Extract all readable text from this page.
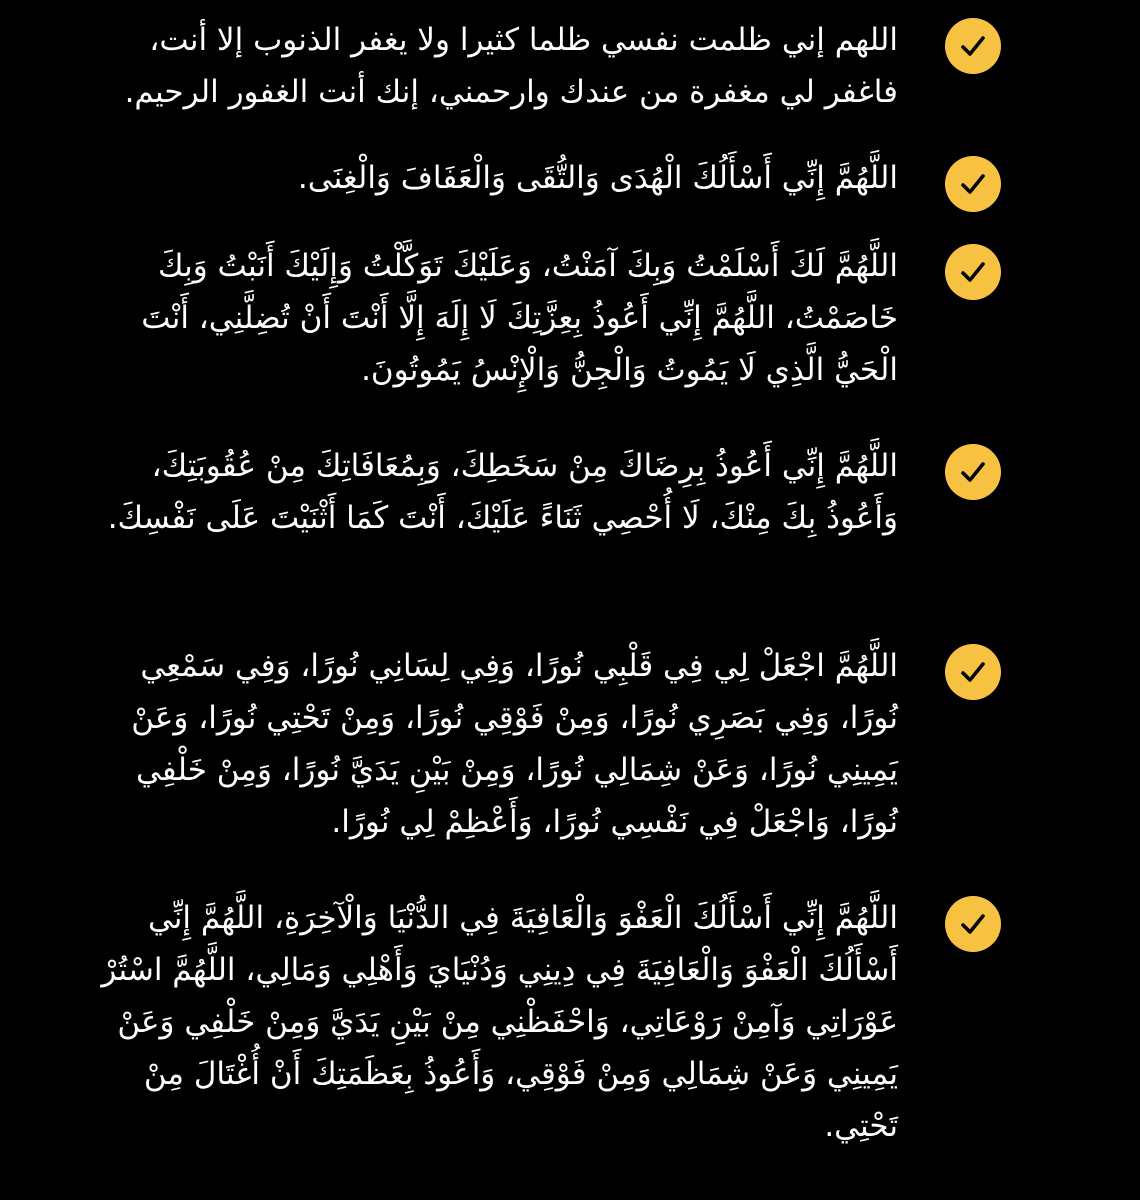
اللهم إني ظلمت نفسي ظلما كثيرا ولا يغفر الذنوب إلا أنت، فاغفر لي مغفرة من عندك وارحمني، إنك أنت الغفور الرحيم.
اللَّهُمَّ إِنِّي أَسْأَلُكَ الْهُدَى وَالتُّقَى وَالْعَفَافَ وَالْغِنَى.
اللَّهُمَّ لَكَ أَسْلَمْتُ وَبِكَ آمَنْتُ، وَعَلَيْكَ تَوَكَّلْتُ وَإِلَيْكَ أَنَبْتُ وَبِكَ خَاصَمْتُ، اللَّهُمَّ إِنِّي أَعُوذُ بِعِزَّتِكَ لَا إِلَهَ إِلَّا أَنْتَ أَنْ تُضِلَّنِي، أَنْتَ الْحَيُّ الَّذِي لَا يَمُوتُ وَالْجِنُّ وَالْإِنْسُ يَمُوتُونَ.
اللَّهُمَّ إِنِّي أَعُوذُ بِرِضَاكَ مِنْ سَخَطِكَ، وَبِمُعَافَاتِكَ مِنْ عُقُوبَتِكَ، وَأَعُوذُ بِكَ مِنْكَ، لَا أُحْصِي ثَنَاءً عَلَيْكَ، أَنْتَ كَمَا أَثْنَيْتَ عَلَى نَفْسِكَ.
اللَّهُمَّ اجْعَلْ لِي فِي قَلْبِي نُورًا، وَفِي لِسَانِي نُورًا، وَفِي سَمْعِي نُورًا، وَفِي بَصَرِي نُورًا، وَمِنْ فَوْقِي نُورًا، وَمِنْ تَحْتِي نُورًا، وَعَنْ يَمِينِي نُورًا، وَعَنْ شِمَالِي نُورًا، وَمِنْ بَيْنِ يَدَيَّ نُورًا، وَمِنْ خَلْفِي نُورًا، وَاجْعَلْ فِي نَفْسِي نُورًا، وَأَعْظِمْ لِي نُورًا.
اللَّهُمَّ إِنِّي أَسْأَلُكَ الْعَفْوَ وَالْعَافِيَةَ فِي الدُّنْيَا وَالْآخِرَةِ، اللَّهُمَّ إِنِّي أَسْأَلُكَ الْعَفْوَ وَالْعَافِيَةَ فِي دِينِي وَدُنْيَايَ وَأَهْلِي وَمَالِي، اللَّهُمَّ اسْتُرْ عَوْرَاتِي وَآمِنْ رَوْعَاتِي، وَاحْفَظْنِي مِنْ بَيْنِ يَدَيَّ وَمِنْ خَلْفِي وَعَنْ يَمِينِي وَعَنْ شِمَالِي وَمِنْ فَوْقِي، وَأَعُوذُ بِعَظَمَتِكَ أَنْ أُغْتَالَ مِنْ تَحْتِي.
